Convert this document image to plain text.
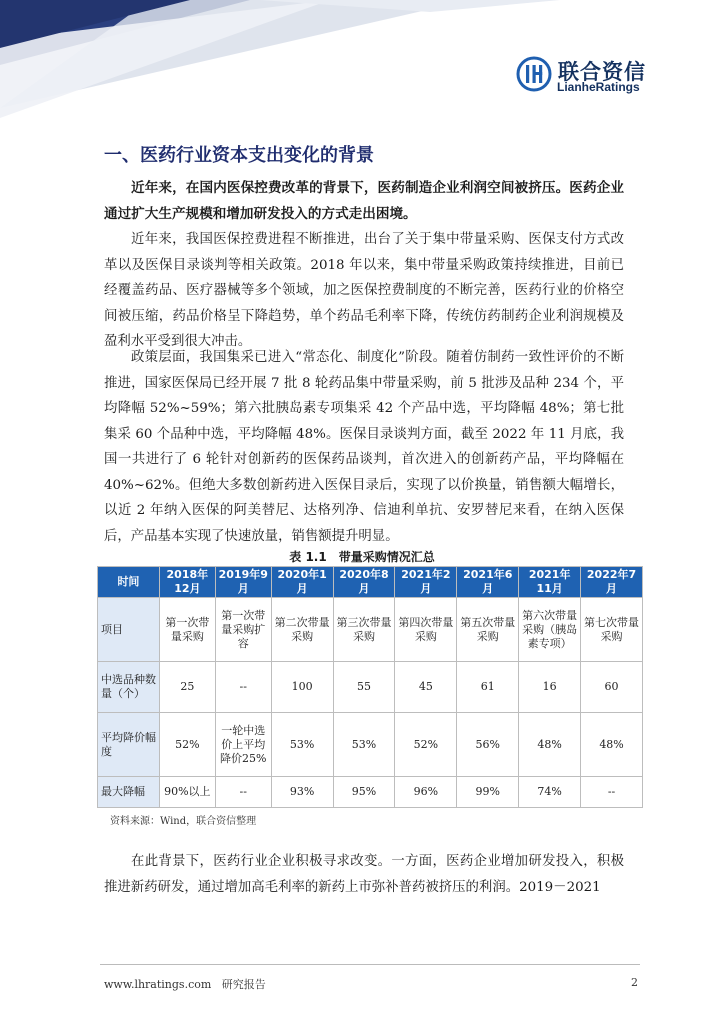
联合资信
LianheRatings
一、医药行业资本支出变化的背景
近年来，在国内医保控费改革的背景下，医药制造企业利润空间被挤压。医药企业通过扩大生产规模和增加研发投入的方式走出困境。
近年来，我国医保控费进程不断推进，出台了关于集中带量采购、医保支付方式改革以及医保目录谈判等相关政策。2018 年以来，集中带量采购政策持续推进，目前已经覆盖药品、医疗器械等多个领域，加之医保控费制度的不断完善，医药行业的价格空间被压缩，药品价格呈下降趋势，单个药品毛利率下降，传统仿药制药企业利润规模及盈利水平受到很大冲击。
政策层面，我国集采已进入“常态化、制度化”阶段。随着仿制药一致性评价的不断推进，国家医保局已经开展 7 批 8 轮药品集中带量采购，前 5 批涉及品种 234 个，平均降幅 52%~59%；第六批胰岛素专项集采 42 个产品中选，平均降幅 48%；第七批集采 60 个品种中选，平均降幅 48%。医保目录谈判方面，截至 2022 年 11 月底，我国一共进行了 6 轮针对创新药的医保药品谈判，首次进入的创新药产品，平均降幅在 40%~62%。但绝大多数创新药进入医保目录后，实现了以价换量，销售额大幅增长，以近 2 年纳入医保的阿美替尼、达格列净、信迪利单抗、安罗替尼来看，在纳入医保后，产品基本实现了快速放量，销售额提升明显。
表 1.1　带量采购情况汇总
时间	2018年12月	2019年9月	2020年1月	2020年8月	2021年2月	2021年6月	2021年11月	2022年7月
项目	第一次带量采购	第一次带量采购扩容	第二次带量采购	第三次带量采购	第四次带量采购	第五次带量采购	第六次带量采购（胰岛素专项）	第七次带量采购
中选品种数量（个）	25	--	100	55	45	61	16	60
平均降价幅度	52%	一轮中选价上平均降价25%	53%	53%	52%	56%	48%	48%
最大降幅	90%以上	--	93%	95%	96%	99%	74%	--
资料来源：Wind，联合资信整理
在此背景下，医药行业企业积极寻求改变。一方面，医药企业增加研发投入，积极推进新药研发，通过增加高毛利率的新药上市弥补普药被挤压的利润。2019－2021
www.lhratings.com 研究报告	2
